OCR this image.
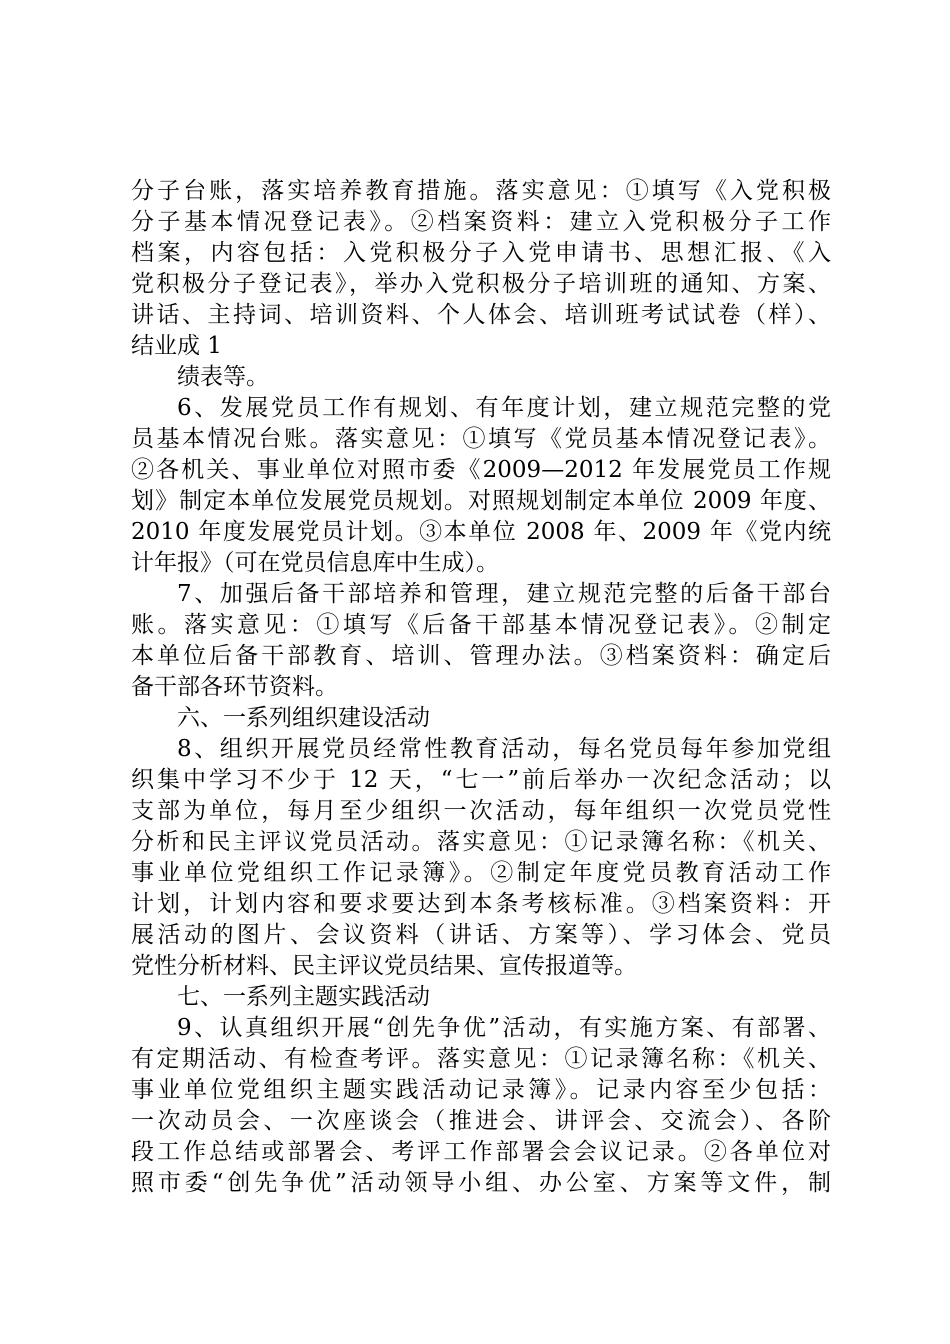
分子台账，落实培养教育措施。落实意见：①填写《入党积极
分子基本情况登记表》。②档案资料：建立入党积极分子工作
档案，内容包括：入党积极分子入党申请书、思想汇报、《入
党积极分子登记表》，举办入党积极分子培训班的通知、方案、
讲话、主持词、培训资料、个人体会、培训班考试试卷（样）、
结业成 1
绩表等。
6、发展党员工作有规划、有年度计划，建立规范完整的党
员基本情况台账。落实意见：①填写《党员基本情况登记表》。
②各机关、事业单位对照市委《2009—2012 年发展党员工作规
划》制定本单位发展党员规划。对照规划制定本单位 2009 年度、
2010 年度发展党员计划。③本单位 2008 年、2009 年《党内统
计年报》（可在党员信息库中生成）。
7、加强后备干部培养和管理，建立规范完整的后备干部台
账。落实意见：①填写《后备干部基本情况登记表》。②制定
本单位后备干部教育、培训、管理办法。③档案资料：确定后
备干部各环节资料。
六、一系列组织建设活动
8、组织开展党员经常性教育活动，每名党员每年参加党组
织集中学习不少于 12 天，“七一”前后举办一次纪念活动；以
支部为单位，每月至少组织一次活动，每年组织一次党员党性
分析和民主评议党员活动。落实意见：①记录簿名称：《机关、
事业单位党组织工作记录簿》。②制定年度党员教育活动工作
计划，计划内容和要求要达到本条考核标准。③档案资料：开
展活动的图片、会议资料（讲话、方案等）、学习体会、党员
党性分析材料、民主评议党员结果、宣传报道等。
七、一系列主题实践活动
9、认真组织开展“创先争优”活动，有实施方案、有部署、
有定期活动、有检查考评。落实意见：①记录簿名称：《机关、
事业单位党组织主题实践活动记录簿》。记录内容至少包括：
一次动员会、一次座谈会（推进会、讲评会、交流会）、各阶
段工作总结或部署会、考评工作部署会会议记录。②各单位对
照市委“创先争优”活动领导小组、办公室、方案等文件，制
